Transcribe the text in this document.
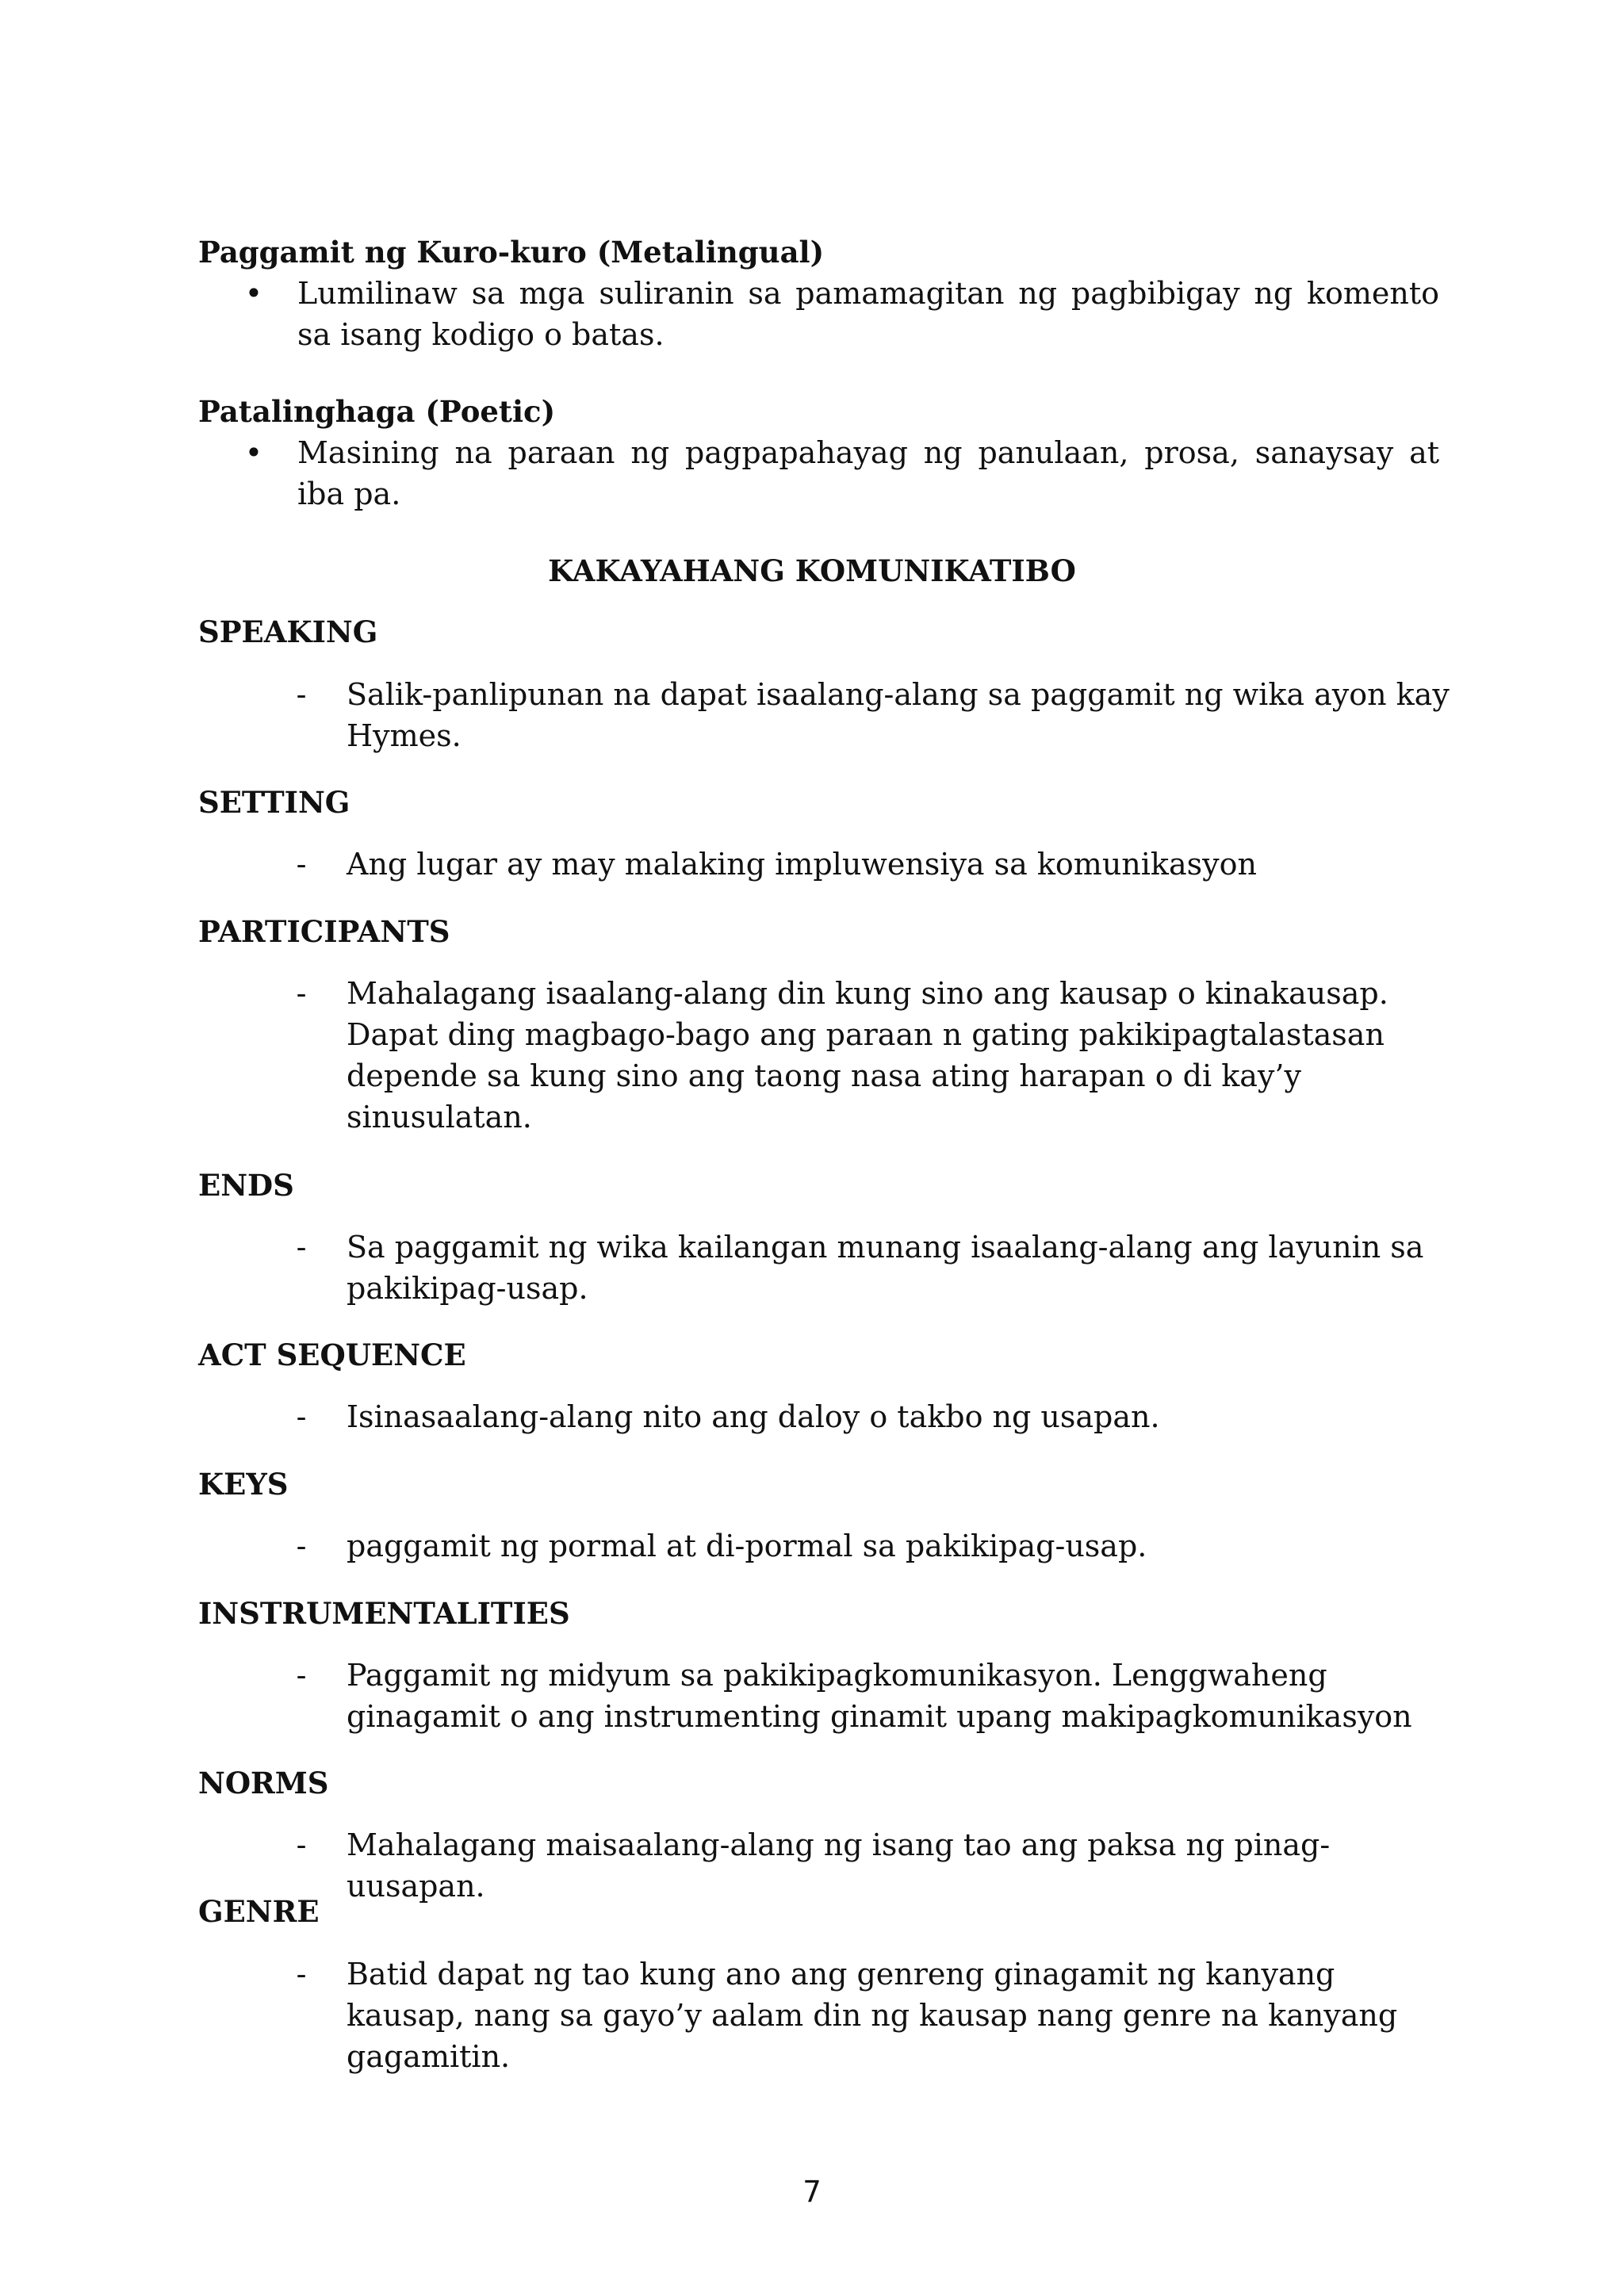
Paggamit ng Kuro-kuro (Metalingual)
• Lumilinaw sa mga suliranin sa pamamagitan ng pagbibigay ng komento sa isang kodigo o batas.
Patalinghaga (Poetic)
• Masining na paraan ng pagpapahayag ng panulaan, prosa, sanaysay at iba pa.
KAKAYAHANG KOMUNIKATIBO
SPEAKING
- Salik-panlipunan na dapat isaalang-alang sa paggamit ng wika ayon kay Hymes.
SETTING
- Ang lugar ay may malaking impluwensiya sa komunikasyon
PARTICIPANTS
- Mahalagang isaalang-alang din kung sino ang kausap o kinakausap. Dapat ding magbago-bago ang paraan n gating pakikipagtalastasan depende sa kung sino ang taong nasa ating harapan o di kay’y sinusulatan.
ENDS
- Sa paggamit ng wika kailangan munang isaalang-alang ang layunin sa pakikipag-usap.
ACT SEQUENCE
- Isinasaalang-alang nito ang daloy o takbo ng usapan.
KEYS
- paggamit ng pormal at di-pormal sa pakikipag-usap.
INSTRUMENTALITIES
- Paggamit ng midyum sa pakikipagkomunikasyon. Lenggwaheng ginagamit o ang instrumenting ginamit upang makipagkomunikasyon
NORMS
- Mahalagang maisaalang-alang ng isang tao ang paksa ng pinag-uusapan.
GENRE
- Batid dapat ng tao kung ano ang genreng ginagamit ng kanyang kausap, nang sa gayo’y aalam din ng kausap nang genre na kanyang gagamitin.
7
